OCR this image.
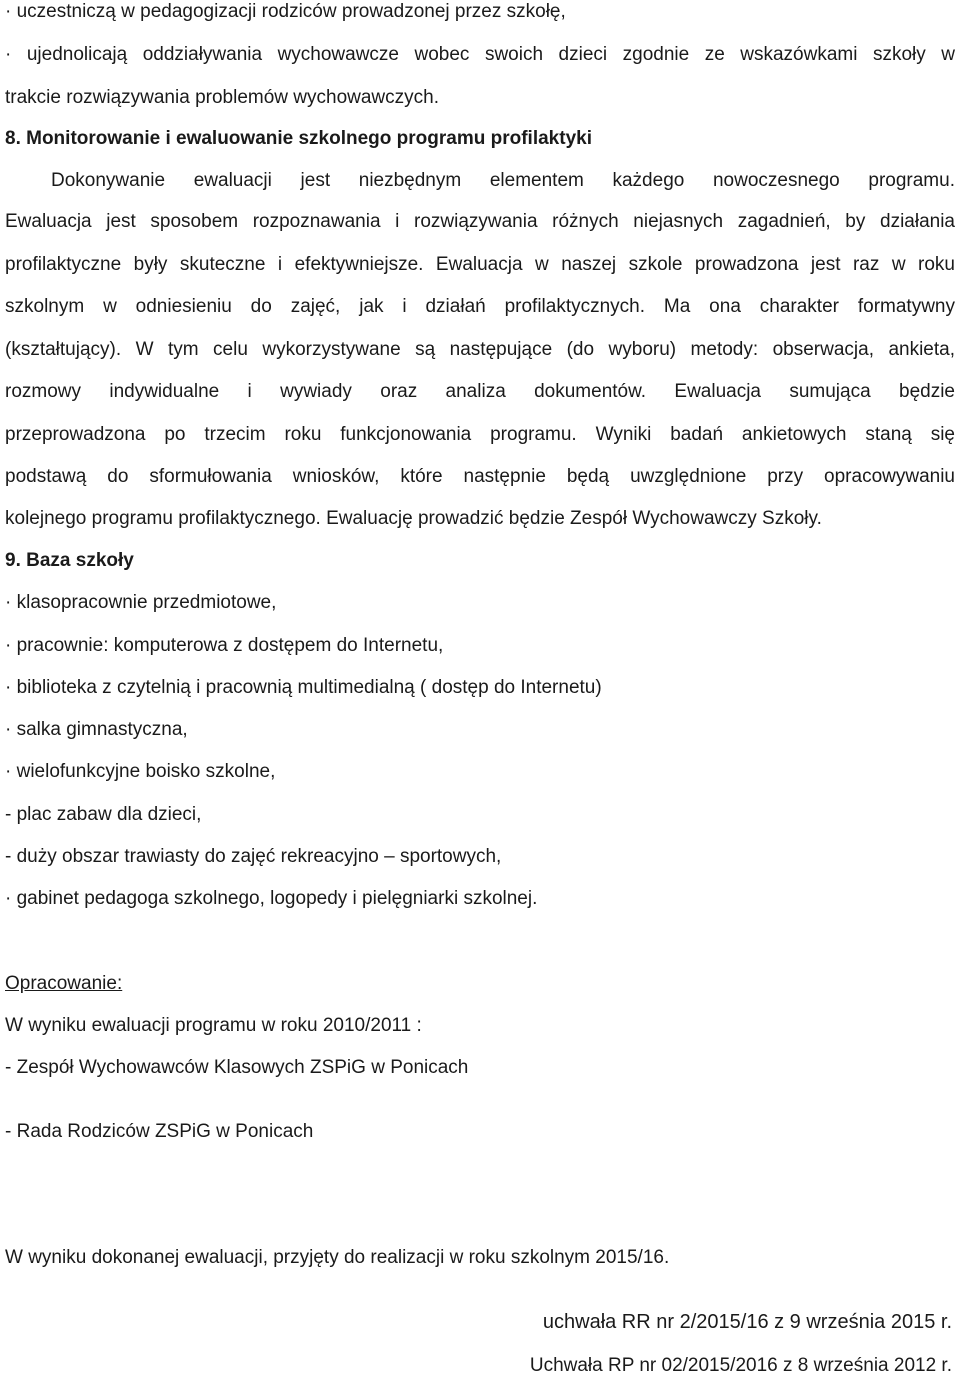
· uczestniczą w pedagogizacji rodziców prowadzonej przez szkołę,
· ujednolicają oddziaływania wychowawcze wobec swoich dzieci zgodnie ze wskazówkami szkoły w
trakcie rozwiązywania problemów wychowawczych.
8. Monitorowanie i ewaluowanie szkolnego programu profilaktyki
Dokonywanie ewaluacji jest niezbędnym elementem każdego nowoczesnego programu.
Ewaluacja jest sposobem rozpoznawania i rozwiązywania różnych niejasnych zagadnień, by działania
profilaktyczne były skuteczne i efektywniejsze. Ewaluacja w naszej szkole prowadzona jest raz w roku
szkolnym w odniesieniu do zajęć, jak i działań profilaktycznych. Ma ona charakter formatywny
(kształtujący). W tym celu wykorzystywane są następujące (do wyboru) metody: obserwacja, ankieta,
rozmowy indywidualne i wywiady oraz analiza dokumentów. Ewaluacja sumująca będzie
przeprowadzona po trzecim roku funkcjonowania programu. Wyniki badań ankietowych staną się
podstawą do sformułowania wniosków, które następnie będą uwzględnione przy opracowywaniu
kolejnego programu profilaktycznego. Ewaluację prowadzić będzie Zespół Wychowawczy Szkoły.
9. Baza szkoły
· klasopracownie przedmiotowe,
· pracownie: komputerowa z dostępem do Internetu,
· biblioteka z czytelnią i pracownią multimedialną ( dostęp do Internetu)
· salka gimnastyczna,
· wielofunkcyjne boisko szkolne,
- plac zabaw dla dzieci,
- duży obszar trawiasty do zajęć rekreacyjno – sportowych,
· gabinet pedagoga szkolnego, logopedy i pielęgniarki szkolnej.
Opracowanie:
W wyniku ewaluacji programu w roku 2010/2011 :
- Zespół Wychowawców Klasowych ZSPiG w Ponicach
- Rada Rodziców ZSPiG w Ponicach
W wyniku dokonanej ewaluacji, przyjęty do realizacji w roku szkolnym 2015/16.
uchwała RR nr 2/2015/16 z 9 września 2015 r.
Uchwała RP nr 02/2015/2016 z 8 września 2012 r.
